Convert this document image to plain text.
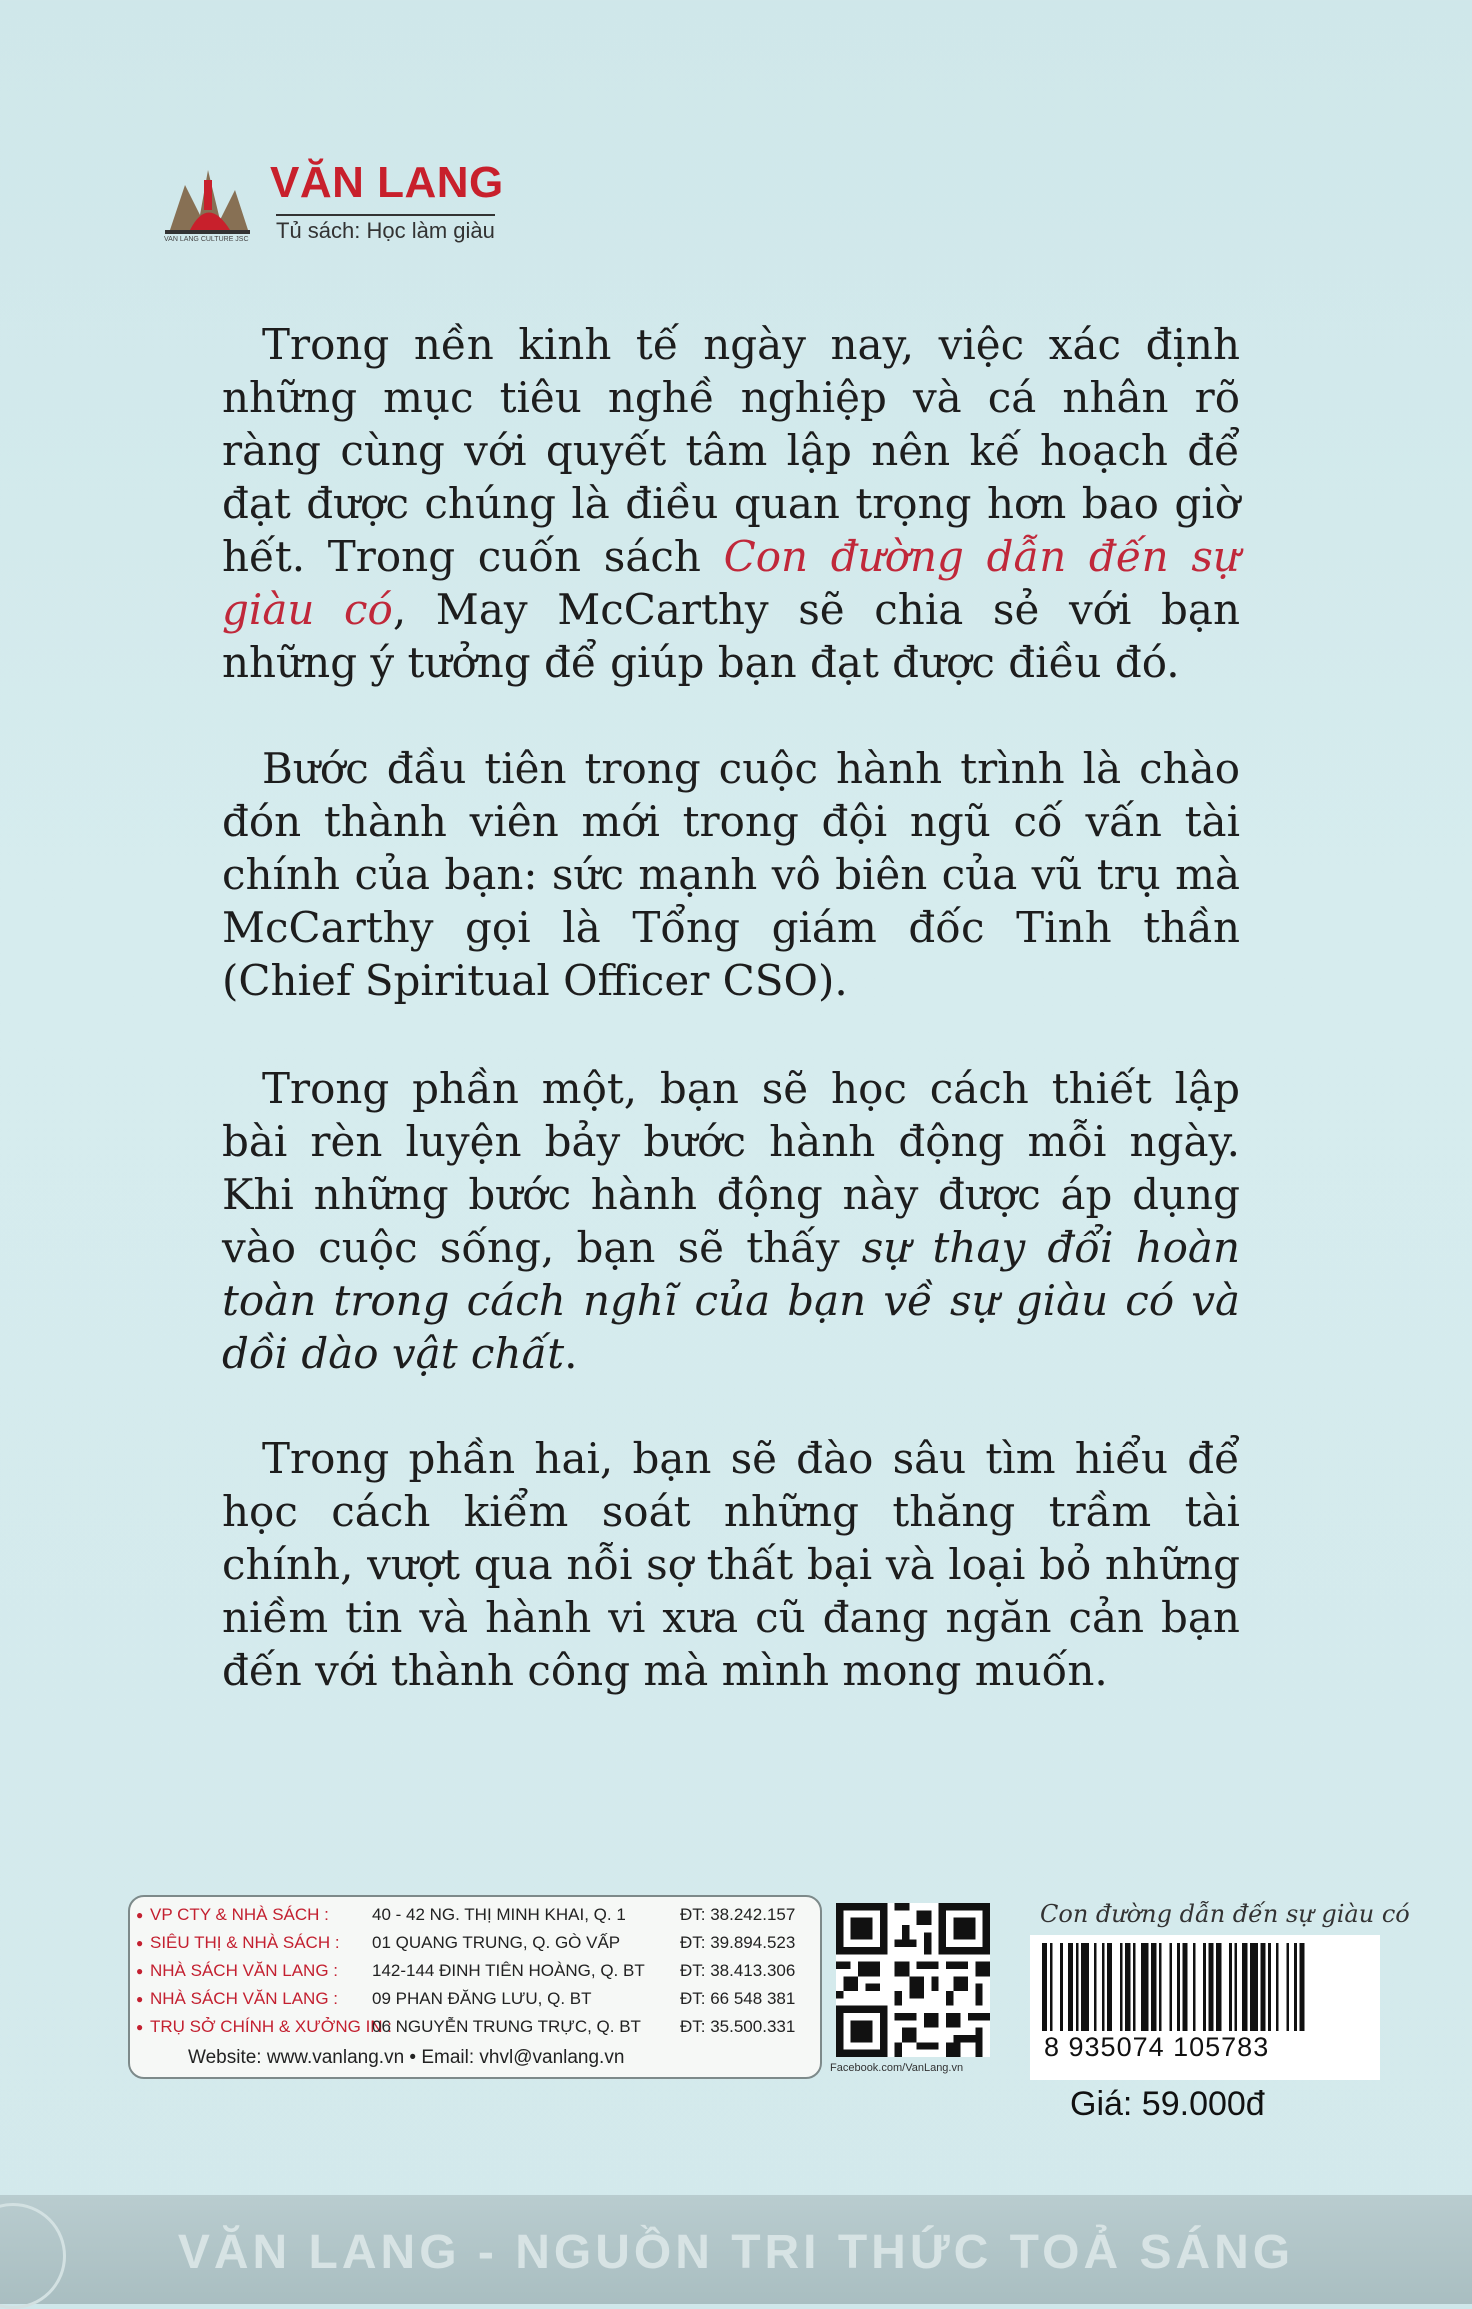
VAN LANG CULTURE JSC
VĂN LANG
Tủ sách: Học làm giàu

Trong nền kinh tế ngày nay, việc xác định những mục tiêu nghề nghiệp và cá nhân rõ ràng cùng với quyết tâm lập nên kế hoạch để đạt được chúng là điều quan trọng hơn bao giờ hết. Trong cuốn sách Con đường dẫn đến sự giàu có, May McCarthy sẽ chia sẻ với bạn những ý tưởng để giúp bạn đạt được điều đó.

Bước đầu tiên trong cuộc hành trình là chào đón thành viên mới trong đội ngũ cố vấn tài chính của bạn: sức mạnh vô biên của vũ trụ mà McCarthy gọi là Tổng giám đốc Tinh thần (Chief Spiritual Officer CSO).

Trong phần một, bạn sẽ học cách thiết lập bài rèn luyện bảy bước hành động mỗi ngày. Khi những bước hành động này được áp dụng vào cuộc sống, bạn sẽ thấy sự thay đổi hoàn toàn trong cách nghĩ của bạn về sự giàu có và dồi dào vật chất.

Trong phần hai, bạn sẽ đào sâu tìm hiểu để học cách kiểm soát những thăng trầm tài chính, vượt qua nỗi sợ thất bại và loại bỏ những niềm tin và hành vi xưa cũ đang ngăn cản bạn đến với thành công mà mình mong muốn.

● VP CTY & NHÀ SÁCH :	40 - 42 NG. THỊ MINH KHAI, Q. 1	ĐT: 38.242.157
● SIÊU THỊ & NHÀ SÁCH : 01 QUANG TRUNG, Q. GÒ VẤP	ĐT: 39.894.523
● NHÀ SÁCH VĂN LANG : 142-144 ĐINH TIÊN HOÀNG, Q. BT ĐT: 38.413.306
● NHÀ SÁCH VĂN LANG : 09 PHAN ĐĂNG LƯU, Q. BT	ĐT: 66 548 381
● TRỤ SỞ CHÍNH & XƯỞNG IN :
06 NGUYỄN TRUNG TRỰC, Q. BT ĐT: 35.500.331
Website: www.vanlang.vn • Email: vhvl@vanlang.vn	Facebook.com/VanLang.vn
Con đường dẫn đến sự giàu có
8 935074 105783
Giá: 59.000đ
VĂN LANG - NGUỒN TRI THỨC TOẢ SÁNG
